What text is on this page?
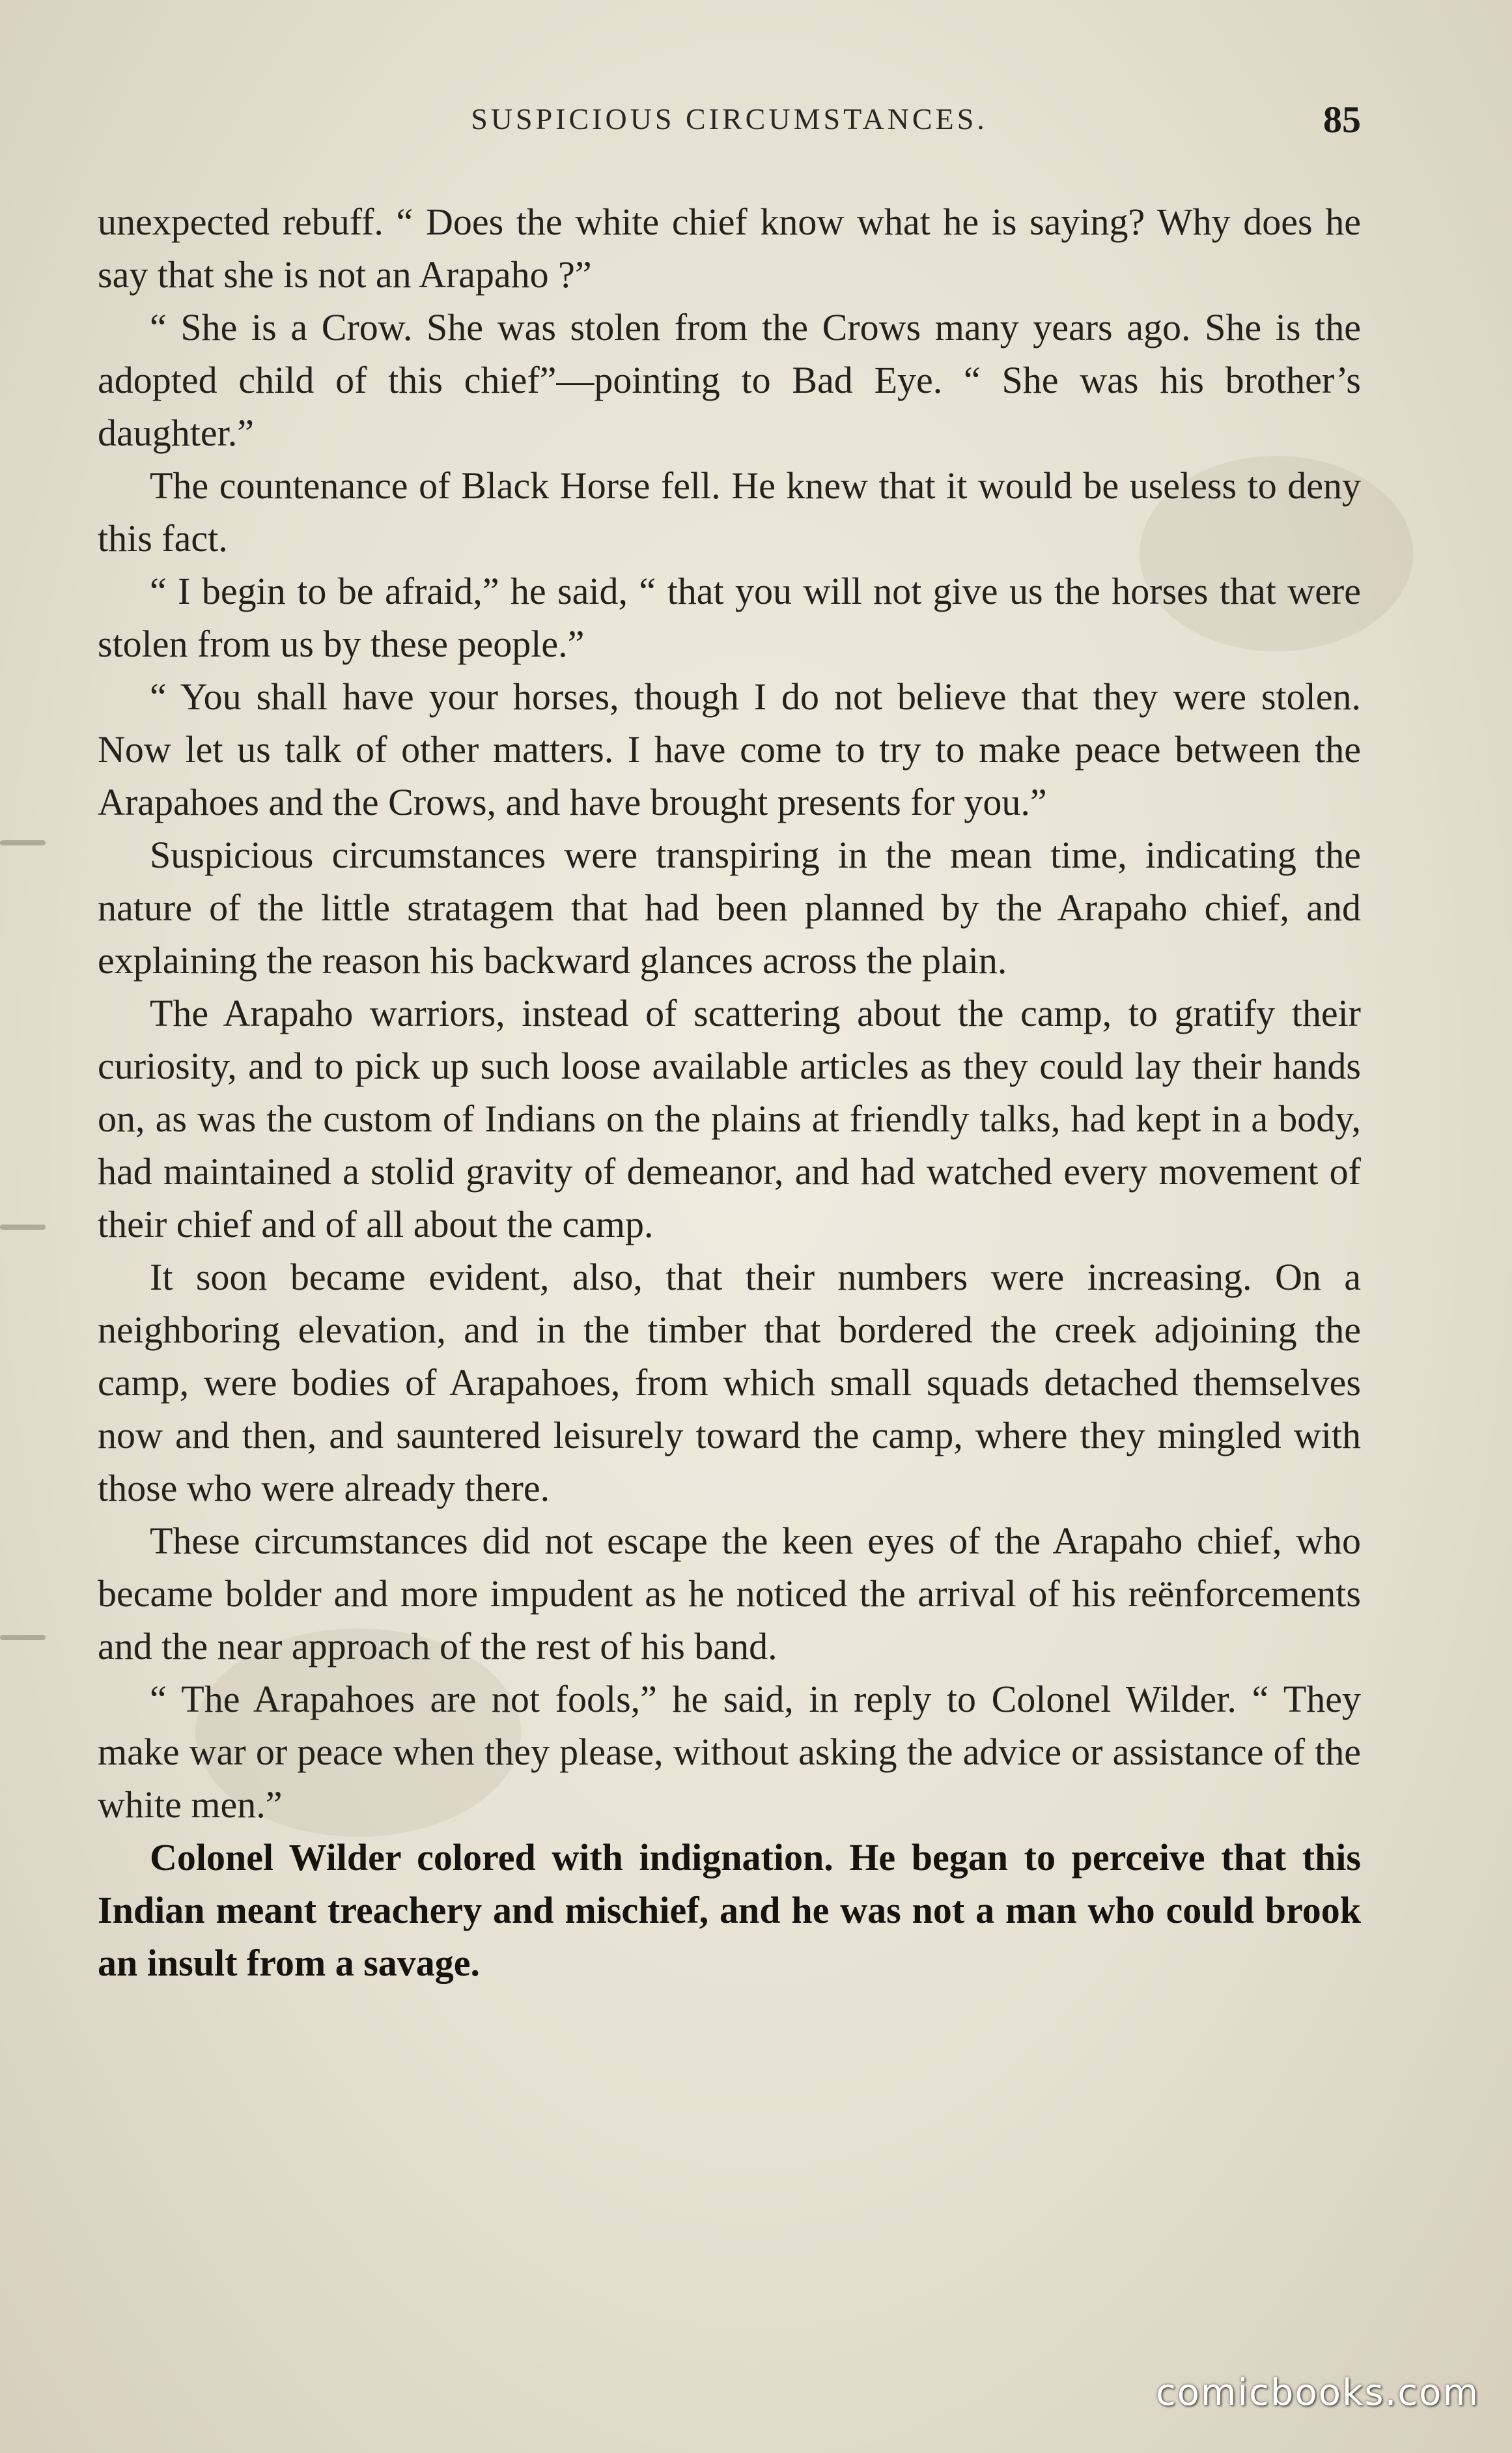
SUSPICIOUS CIRCUMSTANCES.	85

unexpected rebuff. “ Does the white chief know what he is saying? Why does he say that she is not an Arapaho ?”

“ She is a Crow. She was stolen from the Crows many years ago. She is the adopted child of this chief”—pointing to Bad Eye. “ She was his brother’s daughter.”

The countenance of Black Horse fell. He knew that it would be useless to deny this fact.

“ I begin to be afraid,” he said, “ that you will not give us the horses that were stolen from us by these people.”

“ You shall have your horses, though I do not believe that they were stolen. Now let us talk of other matters. I have come to try to make peace between the Arapahoes and the Crows, and have brought presents for you.”

Suspicious circumstances were transpiring in the mean time, indicating the nature of the little stratagem that had been planned by the Arapaho chief, and explaining the reason his backward glances across the plain.

The Arapaho warriors, instead of scattering about the camp, to gratify their curiosity, and to pick up such loose available articles as they could lay their hands on, as was the custom of Indians on the plains at friendly talks, had kept in a body, had maintained a stolid gravity of demeanor, and had watched every movement of their chief and of all about the camp.

It soon became evident, also, that their numbers were increasing. On a neighboring elevation, and in the timber that bordered the creek adjoining the camp, were bodies of Arapahoes, from which small squads detached themselves now and then, and sauntered leisurely toward the camp, where they mingled with those who were already there.

These circumstances did not escape the keen eyes of the Arapaho chief, who became bolder and more impudent as he noticed the arrival of his reënforcements and the near approach of the rest of his band.

“ The Arapahoes are not fools,” he said, in reply to Colonel Wilder. “ They make war or peace when they please, without asking the advice or assistance of the white men.”

Colonel Wilder colored with indignation. He began to perceive that this Indian meant treachery and mischief, and he was not a man who could brook an insult from a savage.

comicbooks.com
